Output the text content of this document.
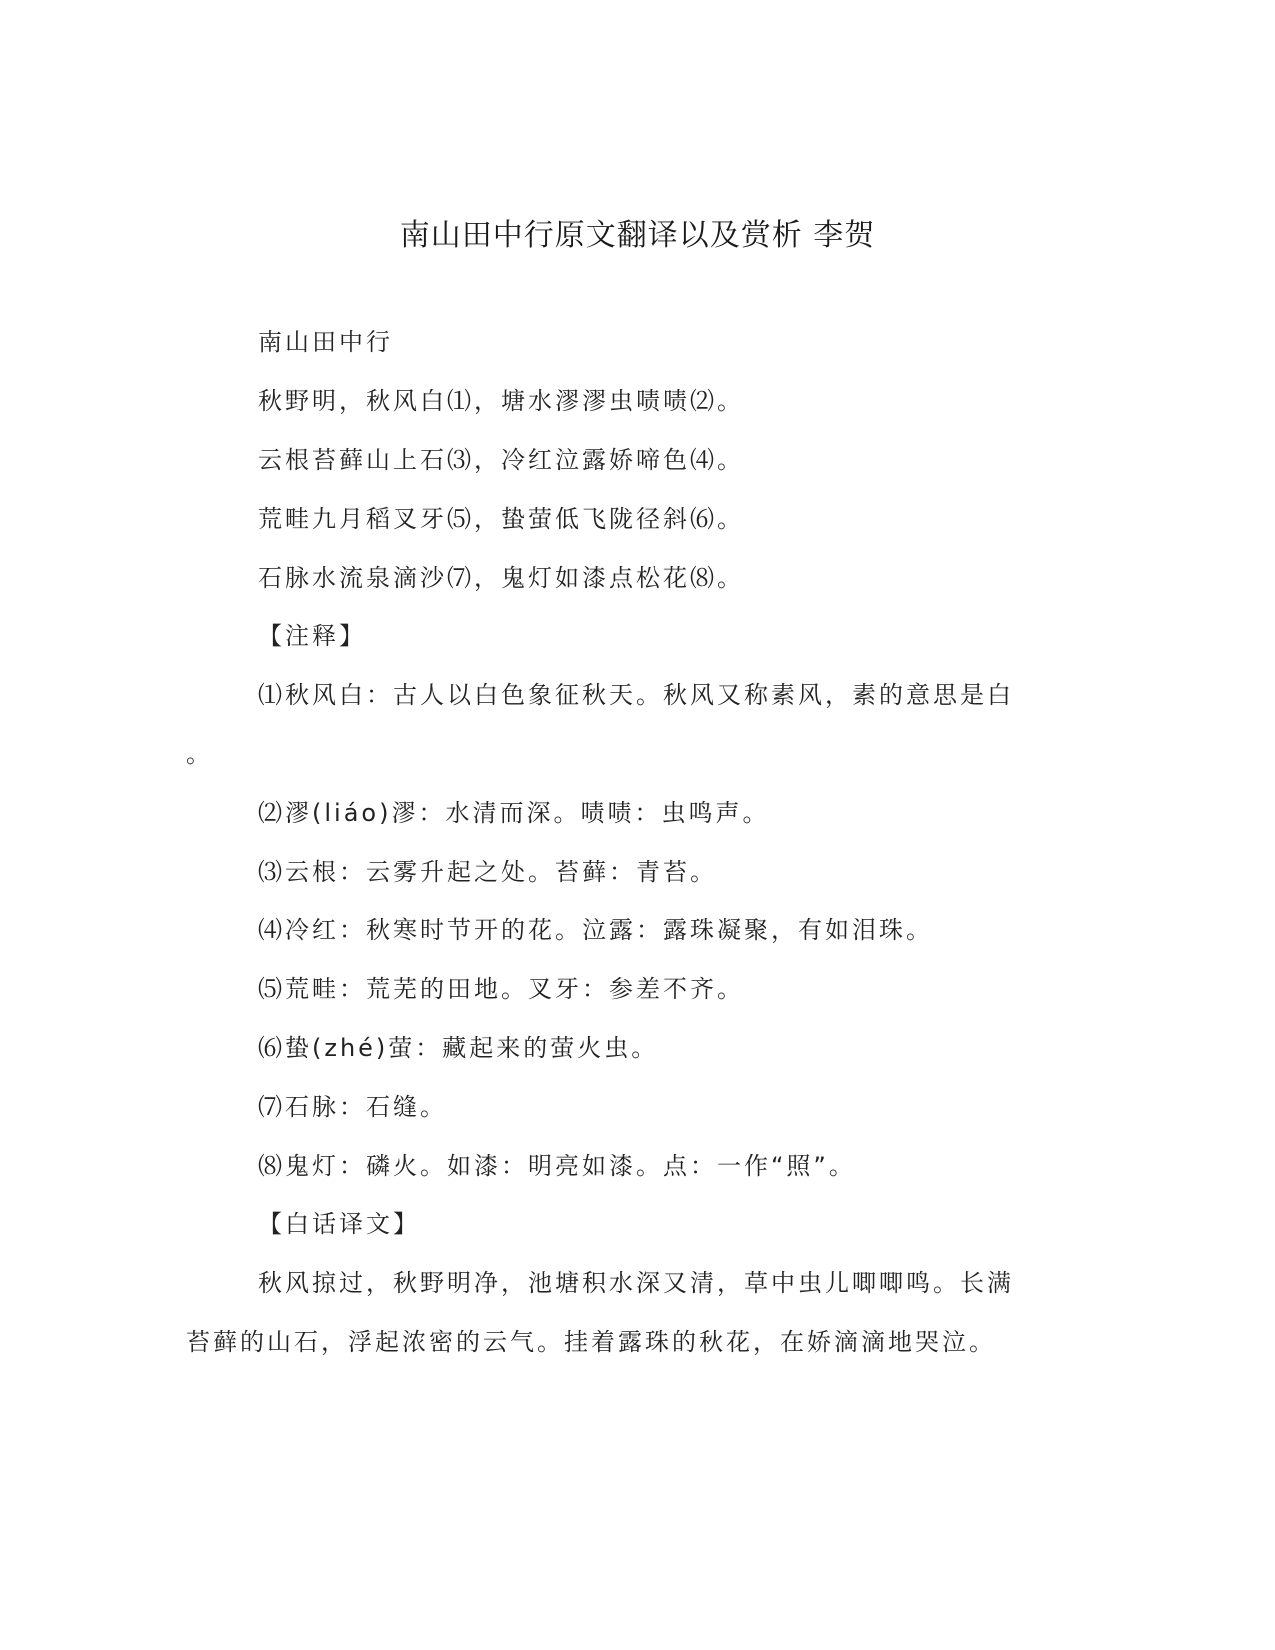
南山田中行原文翻译以及赏析 李贺
南山田中行
秋野明，秋风白⑴，塘水漻漻虫啧啧⑵。
云根苔藓山上石⑶，冷红泣露娇啼色⑷。
荒畦九月稻叉牙⑸，蛰萤低飞陇径斜⑹。
石脉水流泉滴沙⑺，鬼灯如漆点松花⑻。
【注释】
⑴秋风白：古人以白色象征秋天。秋风又称素风，素的意思是白
。
⑵漻(liáo)漻：水清而深。啧啧：虫鸣声。
⑶云根：云雾升起之处。苔藓：青苔。
⑷冷红：秋寒时节开的花。泣露：露珠凝聚，有如泪珠。
⑸荒畦：荒芜的田地。叉牙：参差不齐。
⑹蛰(zhé)萤：藏起来的萤火虫。
⑺石脉：石缝。
⑻鬼灯：磷火。如漆：明亮如漆。点：一作“照”。
【白话译文】
秋风掠过，秋野明净，池塘积水深又清，草中虫儿唧唧鸣。长满
苔藓的山石，浮起浓密的云气。挂着露珠的秋花，在娇滴滴地哭泣。
